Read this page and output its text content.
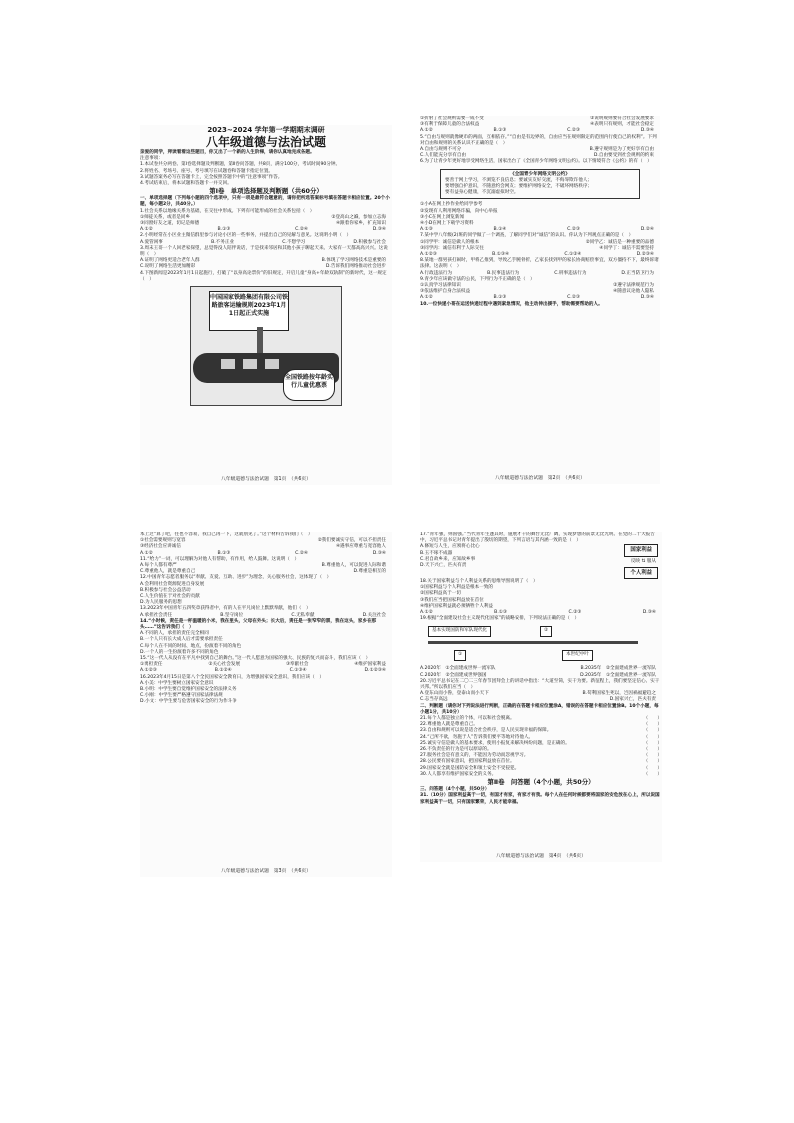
2023~2024 学年第一学期期末调研

八年级道德与法治试题

亲爱的同学，拜读看看这些题目，你又出了一个新的人生阶梯，请你认真地完成各题。

注意事项：

1.本试卷共分两卷。第Ⅰ卷选择题及判断题，第Ⅱ卷问答题，共8页，满分100分，考试时间90分钟。

2.将姓名、考场号、座号、考号填写在试题卷和答题卡指定位置。

3.试题答案务必写在答题卡上，完全按照答题卡中的“注意事项”作答。

4.考试结束后，将本试题和答题卡一并交回。

第Ⅰ卷　单项选择题及判断题（共60分）

一、单项选择题（下列每小题的四个选项中，只有一项是最符合题意的，请你把所选答案标号填在答题卡相应位置。20个小题，每小题2分，共40分。）

1.社会关系以地缘关系为基础，在交往中形成。下列有可能形成的社会关系包括（　）

①师徒关系，或者是同乡	②登高山之巅，参加立志海
③同窗好友之道，切记是师德	④跟着你家乡，扩充知识
A.①②	B.①③	C.②④	D.③④

2.小明经常在小区业主微信群里参与讨论小区的一些事务，并提出自己的见解与意见。这说明小明（　）

A.爱管闲事	B.不务正业	C.不想学习	D.积极参与社会

3.周末王哥一个人回老家探望，总觉得没人陪伴说话，于是找来邻居和其他小孩子聊起天来。大家有一天都高高兴兴。这说明（　）

A.证明了网络更适合老年人群	B.体现了学习网络技术是重要的
C.说明了网络生活更加精彩	D.告诉我们网络推动社会进步

4.下图新闻是2023年1月1日起施行，打破了“以身高论票价”的旧规定，开启儿童“身高+年龄双轨制”的新时代，这一规定（　）

中国国家铁路集团有限公司铁路旅客运输规则2023年1月1日起正式实施
全国铁路按年龄实行儿童优惠票
八年级道德与法治试题　第1页　（共6页）
①折射了社会规则需要一成不变	②说明规则要符合社会发展要求
③有利于保障儿童的合法权益	④表明只有规则，才能社会稳定
A.①②	B.①③	C.②③	D.③④

5.“自由与规则就像硬币的两面，互相依存。”“自由是有边界的，自由应当在规则限定的范围内行使自己的权利”。下列对自由和规则的关系认识不正确的是（　）

A.自由与规则不可分	B.遵守规则是为了更好享有自由
C.人们能充分享有自由	D.自由要受到社会规则的约束

6.为了让青少年更好地享受网络生活，国家出台了《全国青少年网络文明公约》。以下情境符合《公约》的有（　）

《全国青少年网络文明公约》

要善于网上学习，不浏览不良信息；要诚实友好交流，不侮辱欺诈他人；

要增强自护意识，不随意约会网友；要维护网络安全，不破坏网络秩序；

要有益身心健康，不沉溺虚拟时空。

①小A在网上抄作业给同学参考

②发现有人利用网络诈骗，向中心举报

③小C在网上浏览新闻

④小D在网上下载学习资料

A.①③	B.①④	C.②③	D.②④

7.某中学八年级(2)班的同学做了一个调查，了解同学们对“诚信”的认识。你认为下列观点正确的是（　）

①同学甲：诚信是做人的根本	②同学乙：诚信是一种重要的品德
③同学丙：诚信有利于人际交往	④同学丁：诚信不需要坚持
A.①②③	B.①③④	C.①②④	D.②③④

8.某地一群男孩打闹时，甲将乙推到，导致乙手腕骨折，乙家长找到甲的家长协商赔偿事宜，双方僵持不下，最终诉诸法律。这表明（　）

A.行政违法行为	B.民事违法行为	C.刑事违法行为	D.正当防卫行为

9.青少年应该做守法的公民，下列行为不正确的是（　）

①认真学习法律知识	②遵守法律规范行为
③依法维护自身合法权益	④随意议论他人隐私
A.①②	B.①③	C.②③	D.③④

10.一位快递小哥在运送快递过程中遇到紧急情况，他主动伸出援手，帮助需要帮助的人。

八年级道德与法治试题　第2页　（共6页）

本上过“算了吧，往也不容易，我自己再一下，这就别见了。”这个材料告诉我们（　）

①社会需要规则与宽容	②我们要诚实守信，可以不担责任
③经济社会应讲诚信	④遇事应尊重与宽容他人
A.①②	B.①③	C.②④	D.③④

11.“给力”一词，可以理解为对他人有帮助，有作用，给人鼓舞。这说明（　）

A.每个人都有尊严	B.尊重他人，可以促进人际和谐
C.尊重他人，就是尊重自己	D.尊重是相互的

12.中国青年志愿者服务以“奉献、友爱、互助、进步”为理念，关心服务社会，这体现了（　）

A.会利用社会资源促进自身发展

B.积极参与社会公益活动

C.人生价值在于对社会的贡献

D.为人民服务的思想

13.2023年中国青年五四奖章获得者中，有的人在平凡岗位上默默奉献，他们（　）

A.承担社会责任	B.坚守岗位	C.无私奉献	D.关注社会

14.“小时候，责任是一杯温暖的小米，我在里头，父母在外头；长大后，责任是一张窄窄的票，我在这头，家乡在那头……”这告诉我们（　）

A.不同的人，承担的责任完全相同

B.一个人只有长大成人后才需要承担责任

C.每个人在不同的时间、地点，扮演着不同的角色

D.一个人的一生扮演着许多不同的角色

15.“这一代人从没有在平凡中找到自己的舞台。”这一代人愿意为国家的强大、民族的复兴而奋斗，我们应该（　）

①勇担责任	②关心社会发展	③奉献社会	④维护国家利益
A.①②③	B.①②④	C.①③④	D.①②③④

16.2023年4月15日是第八个全民国家安全教育日，为增强国家安全意识，我们应该（　）

A.小美：中学生要树立国家安全意识

B.小明：中学生要自觉维护国家安全的法律义务

C.小刚：中学生要严格遵守国家法律法规

D.小文：中学生要与危害国家安全的行为作斗争

八年级道德与法治试题　第3页　（共6页）

17.“青年强，则国强。”当代青年生逢其时，施展才干的舞台无比广阔，实现梦想的前景无比光明。在党的二十大报告中，习近平总书记对青年提出了殷切的期望，下列言语与其内涵一致的是（　）

A.修短与人生，应须将心比心

B.玉不琢不成器

C.君自故乡来，应知故乡事

D.天下兴亡，匹夫有责

国家利益
反映 ⇅ 服从
个人利益

18.关于国家利益与个人利益关系的思维导图说明了（　）

①国家利益与个人利益是根本一致的

②国家利益高于一切

③我们应当把国家利益放在首位

④维护国家利益就必须牺牲个人利益

A.①②	B.①③	C.②③	D.③④

19.根据“全面建设社会主义现代化国家”的战略安排，下列说法正确的是（　）

基本实现国防和军队现代化	②
①	本世纪中叶
A.2020年　①全面建成世界一流军队	B.2035年　②全面建成世界一流军队
C.2020年　②全面建成世界强国	D.2035年　①全面建成世界一流军队

20.习近平总书记在二〇二三年春节团拜会上的讲话中指出：“大道至简，实干为要。新征程上，我们要坚定信心、实干兴邦。”所以我们应当（　）

A.登东山而小鲁，登泰山而小天下	B.苟利国家生死以，岂因祸福避趋之
C.志当存高远	D.国家兴亡，匹夫有责

二、判断题（请你对下列说法进行判断，正确的在答题卡相应位置涂A，错误的在答题卡相应位置涂B。10个小题，每小题1分，共10分）

21.每个人都是独立的个体，可以和社会脱离。	（　　）
22.尊重他人就是尊重自己。	（　　）
23.自由和规则可以说是适合社会秩序，是人民实现幸福的保障。	（　　）
24.“己所不欲，勿施于人”告诉我们要平等地对待他人。	（　　）
25.诚实守信是做人的基本要求，使用小报复来解决纠纷问题，是正确的。	（　　）
26.不负责任的行为是可以原谅的。	（　　）
27.服务社会是有意义的，不能因为劳动而忽视学习。	（　　）
28.公民要有国家意识，把国家利益放在首位。	（　　）
29.国家安全就是国防安全和领土安全不受侵犯。	（　　）
30.人人都享有维护国家安全的义务。	（　　）

第Ⅱ卷　问答题（4个小题，共50分）

三、问答题（4个小题，共50分）

31.（10分）国家利益高于一切，有国才有家，有家才有我。每个人在任何时候都要将国家的安危放在心上，所以说国家利益高于一切，只有国家繁荣，人民才能幸福。

八年级道德与法治试题　第4页　（共6页）
